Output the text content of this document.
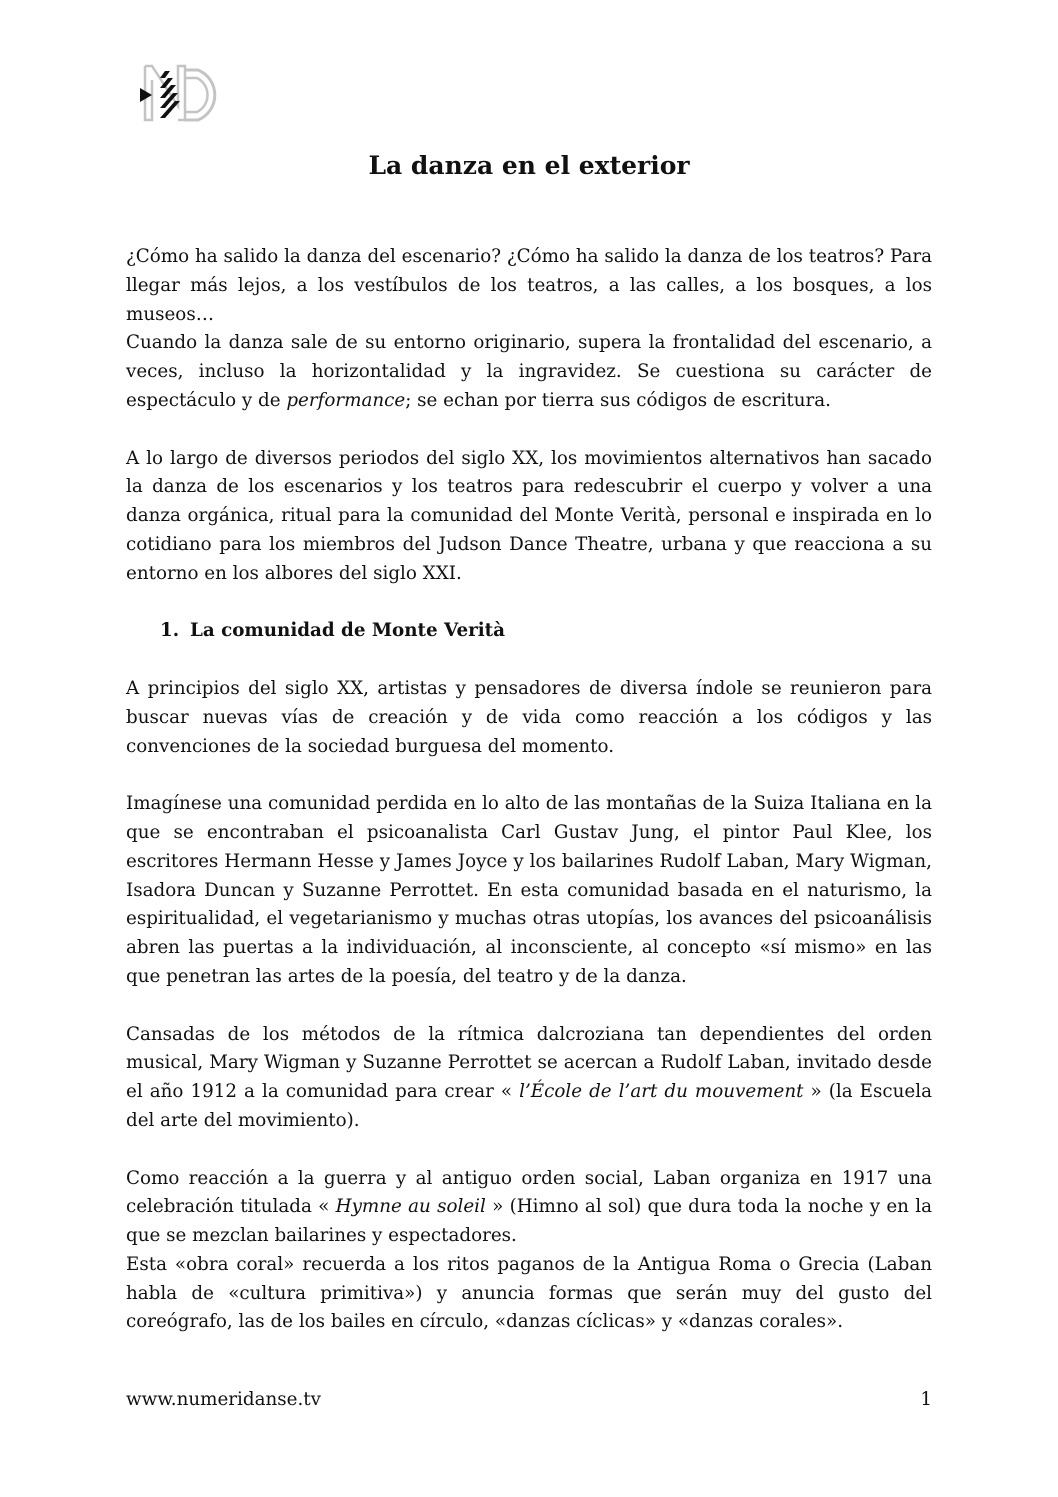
La danza en el exterior

¿Cómo ha salido la danza del escenario? ¿Cómo ha salido la danza de los teatros? Para llegar más lejos, a los vestíbulos de los teatros, a las calles, a los bosques, a los museos…

Cuando la danza sale de su entorno originario, supera la frontalidad del escenario, a veces, incluso la horizontalidad y la ingravidez. Se cuestiona su carácter de espectáculo y de performance; se echan por tierra sus códigos de escritura.

A lo largo de diversos periodos del siglo XX, los movimientos alternativos han sacado la danza de los escenarios y los teatros para redescubrir el cuerpo y volver a una danza orgánica, ritual para la comunidad del Monte Verità, personal e inspirada en lo cotidiano para los miembros del Judson Dance Theatre, urbana y que reacciona a su entorno en los albores del siglo XXI.

1. La comunidad de Monte Verità

A principios del siglo XX, artistas y pensadores de diversa índole se reunieron para buscar nuevas vías de creación y de vida como reacción a los códigos y las convenciones de la sociedad burguesa del momento.

Imagínese una comunidad perdida en lo alto de las montañas de la Suiza Italiana en la que se encontraban el psicoanalista Carl Gustav Jung, el pintor Paul Klee, los escritores Hermann Hesse y James Joyce y los bailarines Rudolf Laban, Mary Wigman, Isadora Duncan y Suzanne Perrottet. En esta comunidad basada en el naturismo, la espiritualidad, el vegetarianismo y muchas otras utopías, los avances del psicoanálisis abren las puertas a la individuación, al inconsciente, al concepto «sí mismo» en las que penetran las artes de la poesía, del teatro y de la danza.

Cansadas de los métodos de la rítmica dalcroziana tan dependientes del orden musical, Mary Wigman y Suzanne Perrottet se acercan a Rudolf Laban, invitado desde el año 1912 a la comunidad para crear « l’École de l’art du mouvement » (la Escuela del arte del movimiento).

Como reacción a la guerra y al antiguo orden social, Laban organiza en 1917 una celebración titulada « Hymne au soleil » (Himno al sol) que dura toda la noche y en la que se mezclan bailarines y espectadores.

Esta «obra coral» recuerda a los ritos paganos de la Antigua Roma o Grecia (Laban habla de «cultura primitiva») y anuncia formas que serán muy del gusto del coreógrafo, las de los bailes en círculo, «danzas cíclicas» y «danzas corales».

www.numeridanse.tv	1
